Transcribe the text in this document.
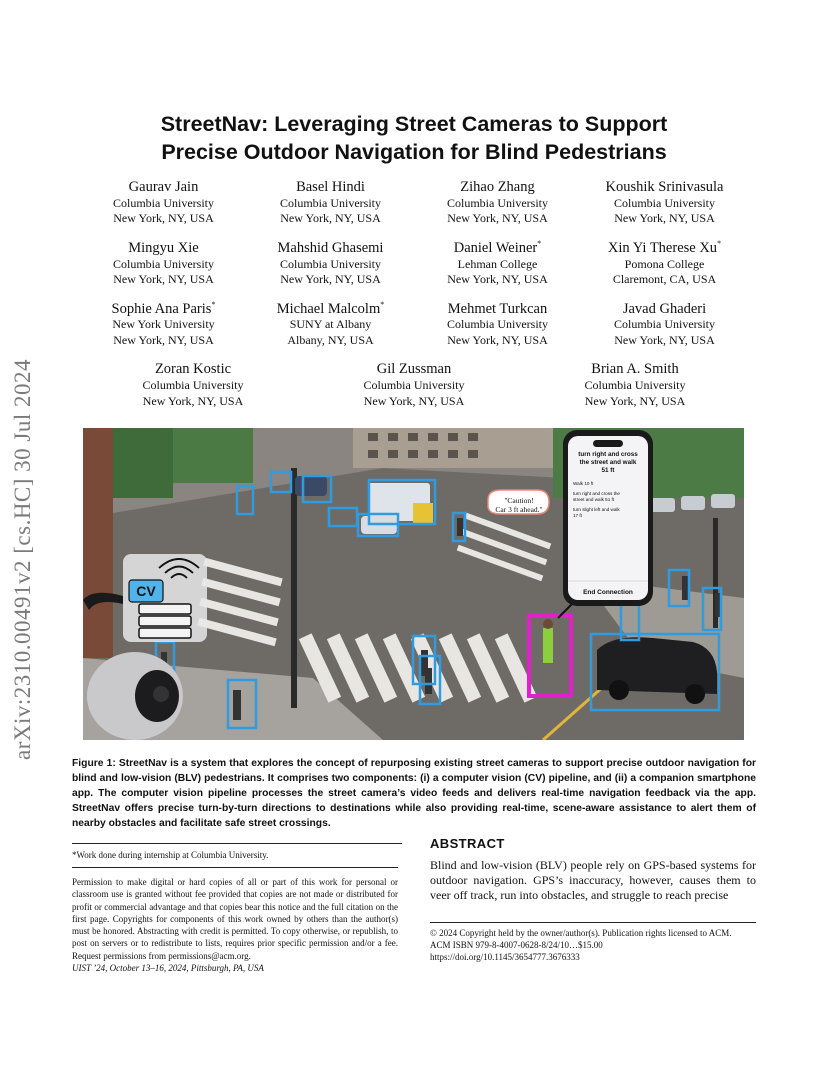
arXiv:2310.00491v2 [cs.HC] 30 Jul 2024
StreetNav: Leveraging Street Cameras to Support
Precise Outdoor Navigation for Blind Pedestrians
Gaurav Jain
Columbia University
New York, NY, USA
Basel Hindi
Columbia University
New York, NY, USA
Zihao Zhang
Columbia University
New York, NY, USA
Koushik Srinivasula
Columbia University
New York, NY, USA
Mingyu Xie
Columbia University
New York, NY, USA
Mahshid Ghasemi
Columbia University
New York, NY, USA
Daniel Weiner*
Lehman College
New York, NY, USA
Xin Yi Therese Xu*
Pomona College
Claremont, CA, USA
Sophie Ana Paris*
New York University
New York, NY, USA
Michael Malcolm*
SUNY at Albany
Albany, NY, USA
Mehmet Turkcan
Columbia University
New York, NY, USA
Javad Ghaderi
Columbia University
New York, NY, USA
Zoran Kostic
Columbia University
New York, NY, USA
Gil Zussman
Columbia University
New York, NY, USA
Brian A. Smith
Columbia University
New York, NY, USA
"Caution!
Car 3 ft ahead."
turn right and cross
the street and walk
51 ft
Walk 10 ft
turn right and cross the
street and walk 51 ft
turn slight left and walk
17 ft
End Connection
CV
Figure 1: StreetNav is a system that explores the concept of repurposing existing street cameras to support precise outdoor navigation for blind and low-vision (BLV) pedestrians. It comprises two components: (i) a computer vision (CV) pipeline, and (ii) a companion smartphone app. The computer vision pipeline processes the street camera’s video feeds and delivers real-time navigation feedback via the app. StreetNav offers precise turn-by-turn directions to destinations while also providing real-time, scene-aware assistance to alert them of nearby obstacles and facilitate safe street crossings.
*Work done during internship at Columbia University.
Permission to make digital or hard copies of all or part of this work for personal or classroom use is granted without fee provided that copies are not made or distributed for profit or commercial advantage and that copies bear this notice and the full citation on the first page. Copyrights for components of this work owned by others than the author(s) must be honored. Abstracting with credit is permitted. To copy otherwise, or republish, to post on servers or to redistribute to lists, requires prior specific permission and/or a fee. Request permissions from permissions@acm.org.
UIST ’24, October 13–16, 2024, Pittsburgh, PA, USA
ABSTRACT
Blind and low-vision (BLV) people rely on GPS-based systems for outdoor navigation. GPS’s inaccuracy, however, causes them to veer off track, run into obstacles, and struggle to reach precise

© 2024 Copyright held by the owner/author(s). Publication rights licensed to ACM.

ACM ISBN 979-8-4007-0628-8/24/10…$15.00

https://doi.org/10.1145/3654777.3676333
